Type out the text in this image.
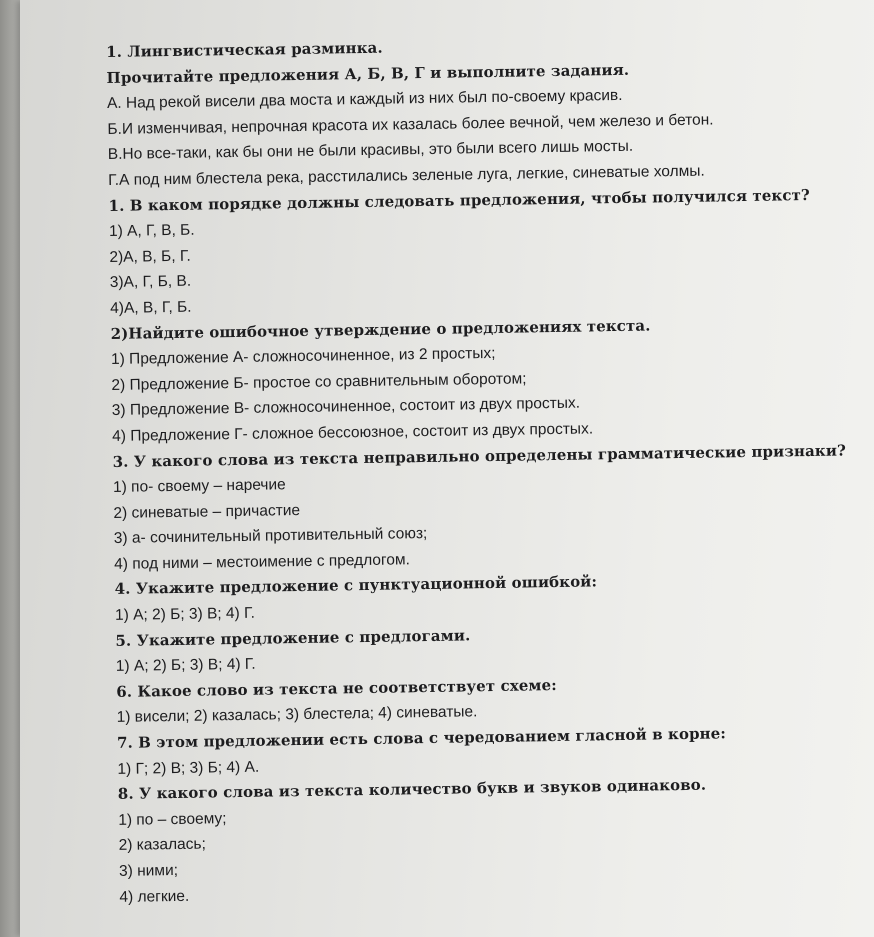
1. Лингвистическая разминка.
Прочитайте предложения А, Б, В, Г и выполните задания.
А. Над рекой висели два моста и каждый из них был по-своему красив.
Б.И изменчивая, непрочная красота их казалась более вечной, чем железо и бетон.
В.Но все-таки, как бы они не были красивы, это были всего лишь мосты.
Г.А под ним блестела река, расстилались зеленые луга, легкие, синеватые холмы.
1. В каком порядке должны следовать предложения, чтобы получился текст?
1) А, Г, В, Б.
2)А, В, Б, Г.
3)А, Г, Б, В.
4)А, В, Г, Б.
2)Найдите ошибочное утверждение о предложениях текста.
1) Предложение А- сложносочиненное, из 2 простых;
2) Предложение Б- простое со сравнительным оборотом;
3) Предложение В- сложносочиненное, состоит из двух простых.
4) Предложение Г- сложное бессоюзное, состоит из двух простых.
3. У какого слова из текста неправильно определены грамматические признаки?
1) по- своему – наречие
2) синеватые – причастие
3) а- сочинительный противительный союз;
4) под ними – местоимение с предлогом.
4. Укажите предложение с пунктуационной ошибкой:
1) А; 2) Б; 3) В; 4) Г.
5. Укажите предложение с предлогами.
1) А; 2) Б; 3) В; 4) Г.
6. Какое слово из текста не соответствует схеме:
1) висели; 2) казалась; 3) блестела; 4) синеватые.
7. В этом предложении есть слова с чередованием гласной в корне:
1) Г; 2) В; 3) Б; 4) А.
8. У какого слова из текста количество букв и звуков одинаково.
1) по – своему;
2) казалась;
3) ними;
4) легкие.
